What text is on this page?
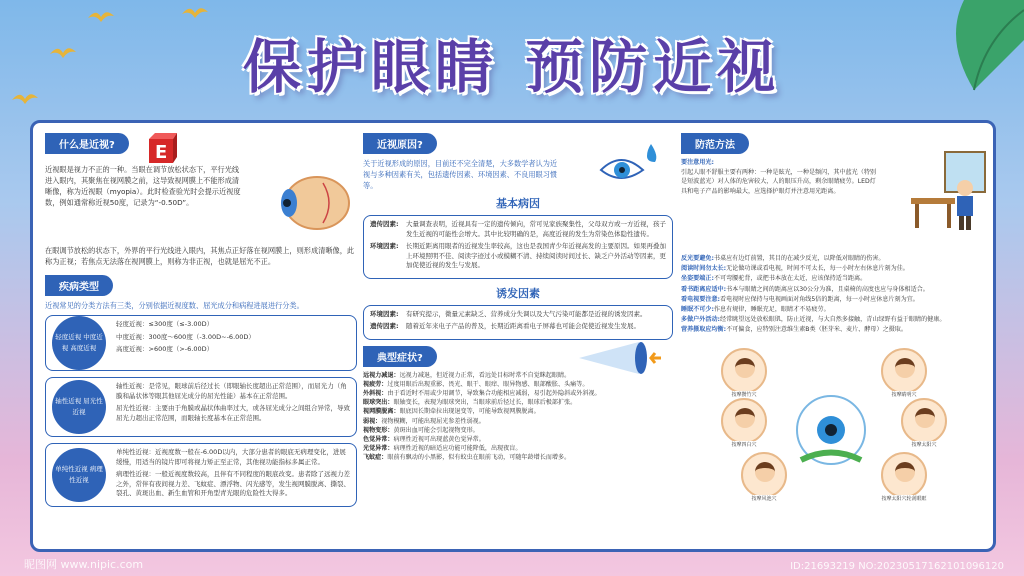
保护眼睛 预防近视
什么是近视? E
近视眼是视力不正的一种。当眼在调节放松状态下，平行光线进入眼内，其聚焦在视网膜之前，这导致视网膜上不能形成清晰像，称为近视眼（myopia）。此时检查验光时会提示近视度数，例如通常称近视50度，记录为“-0.50D”。
在眼调节放松的状态下，外界的平行光线进入眼内，其焦点正好落在视网膜上，则形成清晰像，此称为正视；若焦点无法落在视网膜上，则称为非正视，也就是屈光不正。
疾病类型
近视常见的分类方法有三类，分别依据近视度数、屈光成分和病程进展进行分类。
轻度近视 中度近视 高度近视
轻度近视：≤300度（≤-3.00D）
中度近视：300度～600度（-3.00D~-6.00D）
高度近视：>600度（>-6.00D）
轴性近视 屈光性近视
轴性近视：是常见，眼球前后径过长（即眼轴长度超出正常范围），而屈光力（角膜和晶状体等眼其他屈光成分的屈光性能）基本在正常范围。
屈光性近视：主要由于角膜或晶状体曲率过大，或各屈光成分之间组合异常，导致屈光力超出正常范围，而眼轴长度基本在正常范围。
单纯性近视 病理性近视
单纯性近视：近视度数一般在-6.00D以内，大部分患者的眼底无病理变化，进展缓慢，用适当的镜片即可将视力矫正至正常，其他视功能指标多属正常。
病理性近视：一般近视度数较高，且伴有不同程度的眼底改变。患者除了远视力差之外，常伴有夜间视力差、飞蚊症、漂浮物、闪光感等，发生视网膜脱离、撕裂、裂孔、黄斑出血、新生血管和开角型青光眼的危险性大得多。
近视原因?
关于近视形成的原因，目前还不完全清楚，大多数学者认为近视与多种因素有关，包括遗传因素、环境因素、不良用眼习惯等。
基本病因
遗传因素:	大量调查表明，近视具有一定的遗传倾向，常可见家族聚集性，父母双方或一方近视，孩子发生近视的可能性会增大。其中比较明确的是，高度近视的发生为常染色体隐性遗传。
环境因素:	长期近距离用眼者的近视发生率较高，这也是我国青少年近视高发的主要原因。如果再叠加上环境照明不佳、阅读字迹过小或模糊不清、持续阅读时间过长、缺乏户外活动等因素，更加促使近视的发生与发展。
诱发因素
环境因素:	有研究提示，微量元素缺乏、营养成分失调以及大气污染可能都是近视的诱发因素。
遗传因素:	随着近年来电子产品的普及，长期近距离看电子屏幕也可能会促使近视发生发展。
典型症状?
远视力减退：远视力减退，但近视力正常，看远处目标时常不自觉眯起眼睛。
视疲劳：过度用眼后出现重影、畏光、眼干、眼痒、眼异物感、眼部酸胀、头痛等。
外斜视：由于看近时不用或少用调节，导致集合功能相应减弱，易引起外隐斜或外斜视。
眼球突出：眼轴变长，表现为眼球突出，当眼球前后径过长，眼球后极部扩张。
视网膜脱离：眼底因长期牵拉出现退变等，可能导致视网膜脱离。
弱视：视物模糊，可能出现屈光参差性弱视。
视物变形：黄斑出血可能会引起视物变形。
色觉异常：病理性近视可出现蓝黄色觉异常。
光觉异常：病理性近视的暗适应功能可能降低，出现夜盲。
飞蚊症：眼前有飘动的小黑影，似有蚊虫在眼前飞动，可随年龄增长而增多。
防范方法
要注意用光:
引起人眼不舒服主要有两种：一种是眩光，一种是频闪，其中蓝光（特别是短波蓝光）对人体的危害较大，人的眼压升高，剩余眼睛疲劳。LED灯具和电子产品的影响最大，应选择护眼灯并注意用光距离。
反光要避免:书桌应有边灯前置，其目的在减少反光，以降低对眼睛的伤害。
阅读时间勿太长:无论做功课或看电视，时间不可太长，每一小时左右休息片刻为佳。
坐姿要端正:不可弯腰驼背，或把书本放在太近，应该保持适当距离。
看书距离应适中:书本与眼睛之间的距离应以30公分为准，且桌椅的高度也应与身体相适合。
看电视要注意:看电视时应保持与电视画面对角线5倍的距离，每一小时应休息片刻为宜。
睡眠不可少:作息有规律，睡眠充足，眼睛才不易疲劳。
多做户外活动:经常眺望远处放松眼肌，防止近视，与大自然多接触，青山绿野有益于眼睛的健康。
营养摄取应均衡:不可偏食，应特别注意维生素B类（胚芽米、麦片、酵母）之摄取。
按摩攒竹穴	按摩睛明穴
按摩四白穴	按摩太阳穴
按摩风池穴	按摩太阳穴轮刮眼眶
昵图网 www.nipic.com	ID:21693219 NO:20230517162101096120
